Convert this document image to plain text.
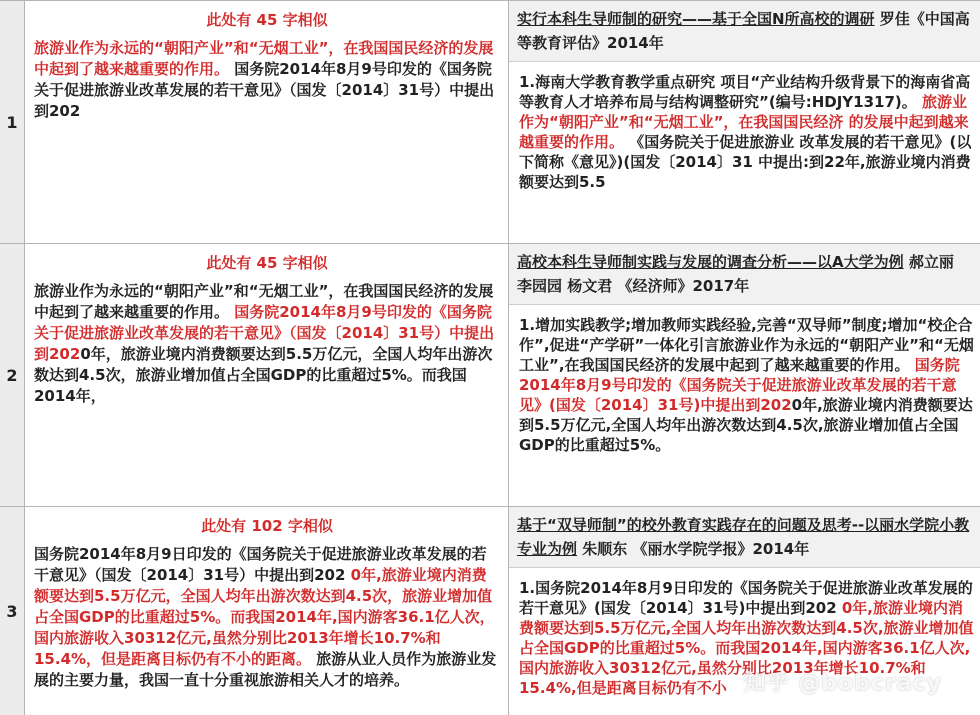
1
此处有 45 字相似
旅游业作为永远的“朝阳产业”和“无烟工业”，在我国国民经济的发展中起到了越来越重要的作用。 国务院2014年8月9号印发的《国务院关于促进旅游业改革发展的若干意见》（国发〔2014〕31号）中提出到202
实行本科生导师制的研究——基于全国N所高校的调研 罗佳《中国高等教育评估》2014年
1.海南大学教育教学重点研究 项目“产业结构升级背景下的海南省高等教育人才培养布局与结构调整研究”(编号:HDJY1317)。 旅游业作为“朝阳产业”和“无烟工业”，在我国国民经济 的发展中起到越来越重要的作用。 《国务院关于促进旅游业 改革发展的若干意见》(以下简称《意见》)(国发〔2014〕31 中提出:到22年,旅游业境内消费额要达到5.5
2
此处有 45 字相似
旅游业作为永远的“朝阳产业”和“无烟工业”，在我国国民经济的发展中起到了越来越重要的作用。 国务院2014年8月9号印发的《国务院关于促进旅游业改革发展的若干意见》（国发〔2014〕31号）中提出到2020年，旅游业境内消费额要达到5.5万亿元，全国人均年出游次数达到4.5次，旅游业增加值占全国GDP的比重超过5%。而我国2014年，
高校本科生导师制实践与发展的调查分析——以A大学为例 郝立丽 李园园 杨文君 《经济师》2017年
1.增加实践教学;增加教师实践经验,完善“双导师”制度;增加“校企合作”,促进“产学研”一体化引言旅游业作为永远的“朝阳产业”和“无烟工业”,在我国国民经济的发展中起到了越来越重要的作用。 国务院2014年8月9号印发的《国务院关于促进旅游业改革发展的若干意见》(国发〔2014〕31号)中提出到2020年,旅游业境内消费额要达到5.5万亿元,全国人均年出游次数达到4.5次,旅游业增加值占全国GDP的比重超过5%。
3
此处有 102 字相似
国务院2014年8月9日印发的《国务院关于促进旅游业改革发展的若干意见》（国发〔2014〕31号）中提出到202 0年,旅游业境内消费额要达到5.5万亿元，全国人均年出游次数达到4.5次，旅游业增加值占全国GDP的比重超过5%。而我国2014年,国内游客36.1亿人次，国内旅游收入30312亿元,虽然分别比2013年增长10.7%和15.4%，但是距离目标仍有不小的距离。 旅游从业人员作为旅游业发展的主要力量，我国一直十分重视旅游相关人才的培养。
基于“双导师制”的校外教育实践存在的问题及思考--以丽水学院小教专业为例 朱顺东 《丽水学院学报》2014年
1.国务院2014年8月9日印发的《国务院关于促进旅游业改革发展的若干意见》(国发〔2014〕31号)中提出到202 0年,旅游业境内消费额要达到5.5万亿元,全国人均年出游次数达到4.5次,旅游业增加值占全国GDP的比重超过5%。而我国2014年,国内游客36.1亿人次,国内旅游收入30312亿元,虽然分别比2013年增长10.7%和15.4%,但是距离目标仍有不小 知乎 @bobcracy
